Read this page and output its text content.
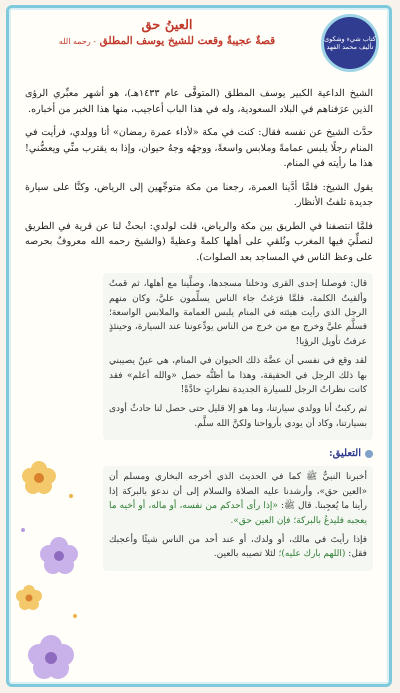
العينُ حق

قصةٌ عجيبةٌ وقعت للشيخ يوسف المطلق - رحمه الله	كتاب شيء وشكوى
تأليف محمد الفهد

الشيخ الداعية الكبير يوسف المطلق (المتوفَّى عام ١٤٣٣هـ)، هو أشهر معبِّري الرؤى الذين عرَفناهم في البلاد السعودية، وله في هذا الباب أعاجيب، منها هذا الخبر من أخباره.

حدَّث الشيخ عن نفسه فقال: كنت في مكة «لأداء عمرة رمضان» أنا وولدي، فرأيت في المنام رجلًا يلبس عمامةً وملابس واسعةً، ووجهُه وجهُ حيوان، وإذا به يقترب منِّي ويعضُّني! هذا ما رأيته في المنام.

يقول الشيخ: فلمَّا أدَّينا العمرة، رجعنا من مكة متوجِّهين إلى الرياض، وكنَّا على سيارة جديدة تلفتُ الأنظار.

فلمَّا انتصفنا في الطريق بين مكة والرياض، قلت لولدي: ابحثْ لنا عن قرية في الطريق لنصلِّيَ فيها المغرب ونُلقي على أهلها كلمةً وعظيةً (والشيخ رحمه الله معروفٌ بحرصه على وعظ الناس في المساجد بعد الصلوات).

قال: فوصلنا إحدى القرى ودخلنا مسجدها، وصلَّينا مع أهلها، ثم قمتُ وألقيتُ الكلمة، فلمَّا فرَغتُ جاء الناس يسلِّمون عليَّ، وكان منهم الرجل الذي رأيت هيئته في المنام يلبس العمامة والملابس الواسعة؛ فسلَّم عليَّ وخرج مع من خرج من الناس يودِّعوننا عند السيارة، وحينئذٍ عرفتُ تأويل الرؤيا!

لقد وقع في نفسي أن عضَّة ذلك الحيوان في المنام، هي عينٌ يصيبني بها ذلك الرجل في الحقيقة، وهذا ما أظنُّه حصل «والله أعلم» فقد كانت نظراتُ الرجل للسيارة الجديدة نظراتٍ حادَّةً!

ثم ركبتُ أنا وولدي سيارتنا، وما هو إلا قليل حتى حصل لنا حادثٌ أودى بسيارتنا، وكاد أن يودي بأرواحنا ولكنَّ الله سلَّم.

التعليق:

أخبرنا النبيُّ ﷺ كما في الحديث الذي أخرجه البخاري ومسلم أن «العين حق»، وأرشدنا عليه الصلاة والسلام إلى أن ندعوَ بالبركة إذا رأينا ما يُعجِبنا. قال ﷺ: «إذا رأى أحدكم من نفسه، أو ماله، أو أخيه ما يعجبه فليدعُ بالبركة؛ فإن العين حق».

فإذا رأيتَ في مالك، أو ولدك، أو عند أحد من الناس شيئًا وأعجبك فقل: (اللهم بارك عليه)؛ لئلا تصيبه بالعين.
